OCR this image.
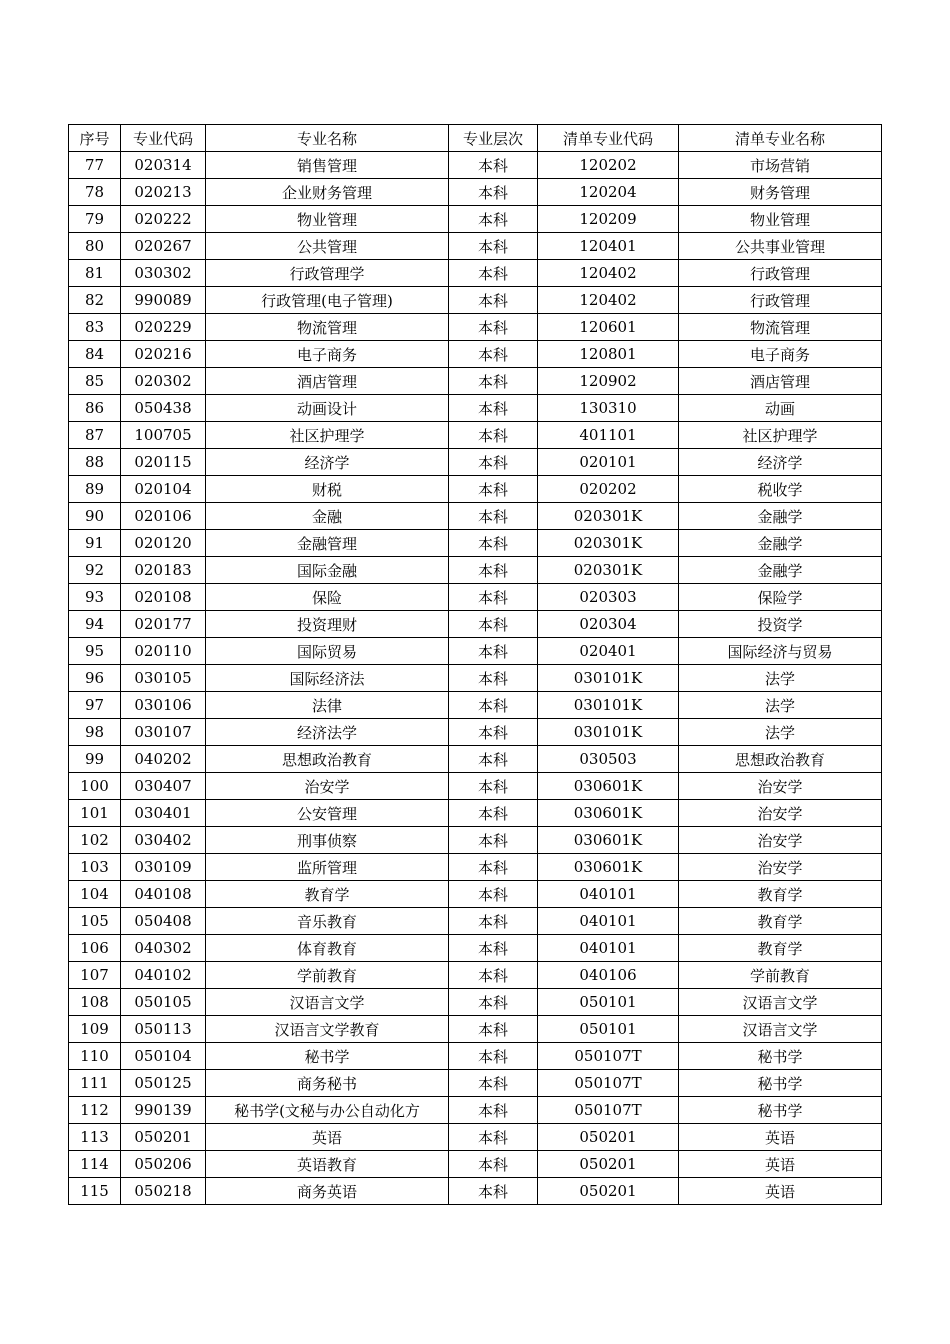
序号	专业代码	专业名称	专业层次	清单专业代码	清单专业名称
77	020314	销售管理	本科	120202	市场营销
78	020213	企业财务管理	本科	120204	财务管理
79	020222	物业管理	本科	120209	物业管理
80	020267	公共管理	本科	120401	公共事业管理
81	030302	行政管理学	本科	120402	行政管理
82	990089	行政管理(电子管理)	本科	120402	行政管理
83	020229	物流管理	本科	120601	物流管理
84	020216	电子商务	本科	120801	电子商务
85	020302	酒店管理	本科	120902	酒店管理
86	050438	动画设计	本科	130310	动画
87	100705	社区护理学	本科	401101	社区护理学
88	020115	经济学	本科	020101	经济学
89	020104	财税	本科	020202	税收学
90	020106	金融	本科	020301K	金融学
91	020120	金融管理	本科	020301K	金融学
92	020183	国际金融	本科	020301K	金融学
93	020108	保险	本科	020303	保险学
94	020177	投资理财	本科	020304	投资学
95	020110	国际贸易	本科	020401	国际经济与贸易
96	030105	国际经济法	本科	030101K	法学
97	030106	法律	本科	030101K	法学
98	030107	经济法学	本科	030101K	法学
99	040202	思想政治教育	本科	030503	思想政治教育
100	030407	治安学	本科	030601K	治安学
101	030401	公安管理	本科	030601K	治安学
102	030402	刑事侦察	本科	030601K	治安学
103	030109	监所管理	本科	030601K	治安学
104	040108	教育学	本科	040101	教育学
105	050408	音乐教育	本科	040101	教育学
106	040302	体育教育	本科	040101	教育学
107	040102	学前教育	本科	040106	学前教育
108	050105	汉语言文学	本科	050101	汉语言文学
109	050113	汉语言文学教育	本科	050101	汉语言文学
110	050104	秘书学	本科	050107T	秘书学
111	050125	商务秘书	本科	050107T	秘书学
112	990139	秘书学(文秘与办公自动化方	本科	050107T	秘书学
113	050201	英语	本科	050201	英语
114	050206	英语教育	本科	050201	英语
115	050218	商务英语	本科	050201	英语
